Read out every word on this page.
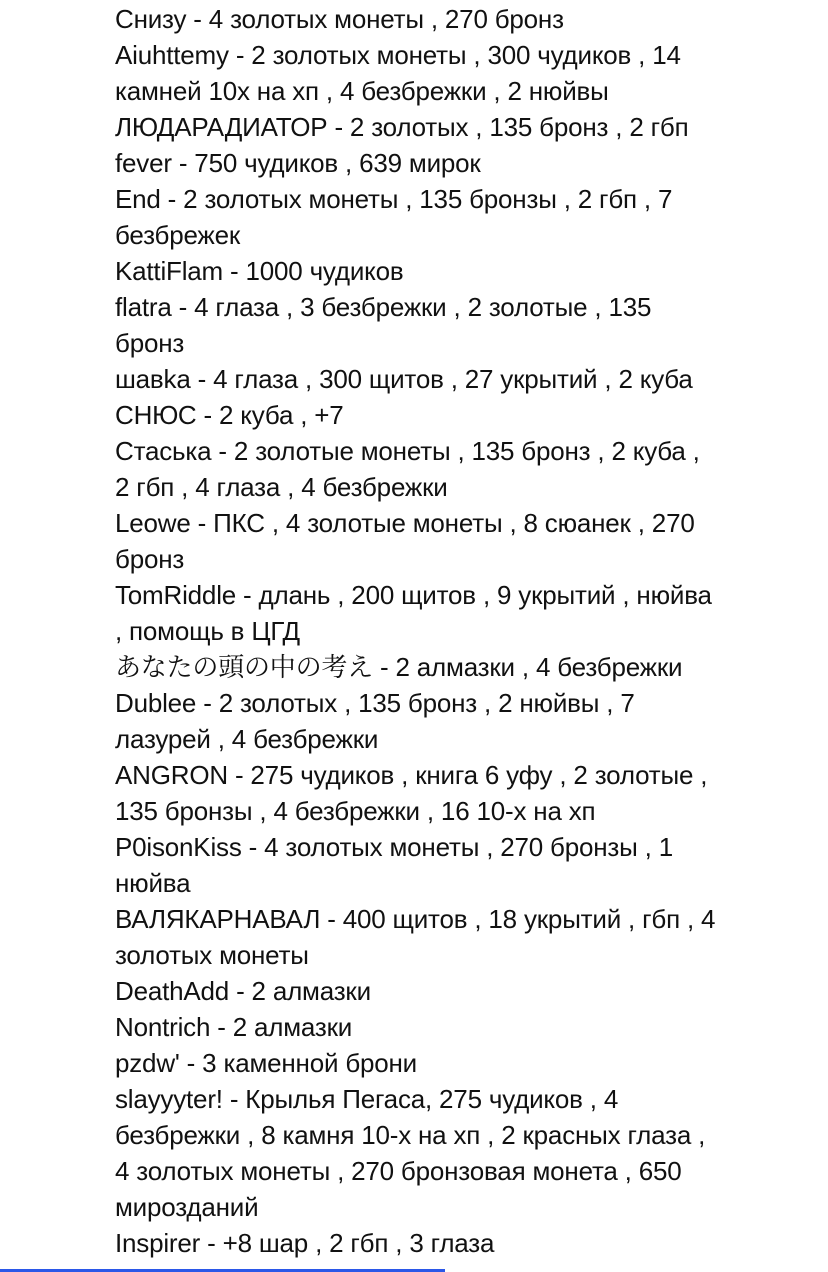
Снизу - 4 золотых монеты , 270 бронз
Aiuhttemy - 2 золотых монеты , 300 чудиков , 14
камней 10х на хп , 4 безбрежки , 2 нюйвы
ЛЮДАРАДИАТОР - 2 золотых , 135 бронз , 2 гбп
fever - 750 чудиков , 639 мирок
End - 2 золотых монеты , 135 бронзы , 2 гбп , 7
безбрежек
KattiFlam - 1000 чудиков
flatra - 4 глаза , 3 безбрежки , 2 золотые , 135
бронз
шавka - 4 глаза , 300 щитов , 27 укрытий , 2 куба
СНЮС - 2 куба , +7
Стаська - 2 золотые монеты , 135 бронз , 2 куба ,
2 гбп , 4 глаза , 4 безбрежки
Leowe - ПКС , 4 золотые монеты , 8 сюанек , 270
бронз
TomRiddle - длань , 200 щитов , 9 укрытий , нюйва
, помощь в ЦГД
あなたの頭の中の考え - 2 алмазки , 4 безбрежки
Dublee - 2 золотых , 135 бронз , 2 нюйвы , 7
лазурей , 4 безбрежки
ANGRON - 275 чудиков , книга 6 уфу , 2 золотые ,
135 бронзы , 4 безбрежки , 16 10-х на хп
P0isonKiss - 4 золотых монеты , 270 бронзы , 1
нюйва
ВАЛЯКАРНАВАЛ - 400 щитов , 18 укрытий , гбп , 4
золотых монеты
DeathAdd - 2 алмазки
Nontrich - 2 алмазки
pzdw' - 3 каменной брони
slayyyter! - Крылья Пегаса, 275 чудиков , 4
безбрежки , 8 камня 10-х на хп , 2 красных глаза ,
4 золотых монеты , 270 бронзовая монета , 650
мирозданий
Inspirer - +8 шар , 2 гбп , 3 глаза
